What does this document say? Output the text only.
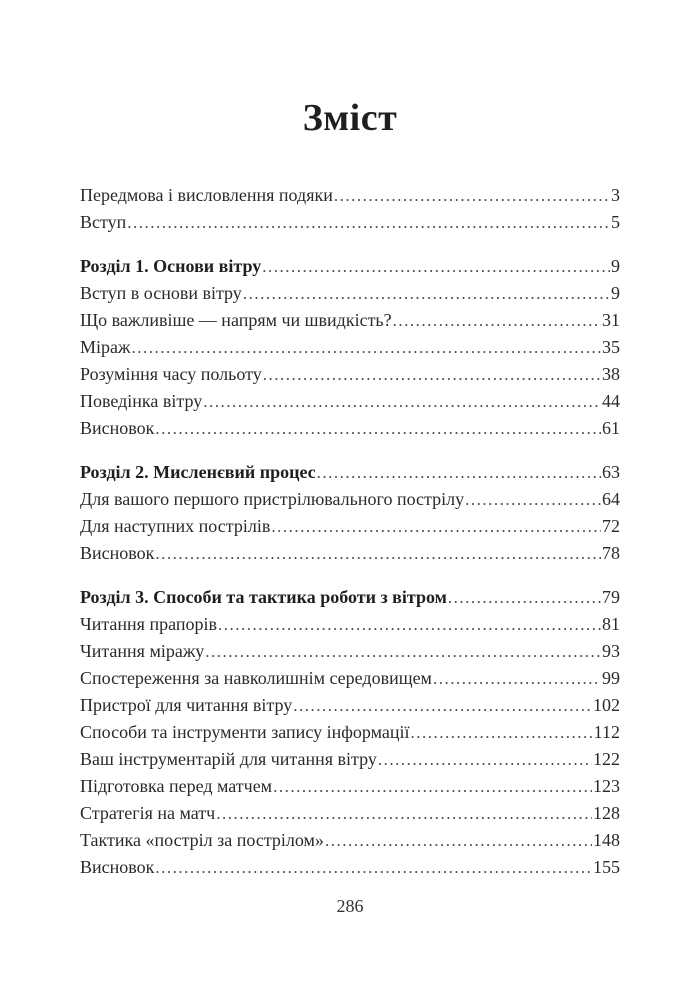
Зміст
Передмова і висловлення подяки .....	3
Вступ .....	5
Розділ 1. Основи вітру .....	9
Вступ в основи вітру .....	9
Що важливіше — напрям чи швидкість? .....	31
Міраж .....	35
Розуміння часу польоту .....	38
Поведінка вітру .....	44
Висновок .....	61
Розділ 2. Мисленєвий процес .....	63
Для вашого першого пристрілювального пострілу .....	64
Для наступних пострілів .....	72
Висновок .....	78
Розділ 3. Способи та тактика роботи з вітром .....	79
Читання прапорів .....	81
Читання міражу .....	93
Спостереження за навколишнім середовищем .....	99
Пристрої для читання вітру .....	102
Способи та інструменти запису інформації .....	112
Ваш інструментарій для читання вітру .....	122
Підготовка перед матчем .....	123
Стратегія на матч .....	128
Тактика «постріл за пострілом» .....	148
Висновок .....	155
286
